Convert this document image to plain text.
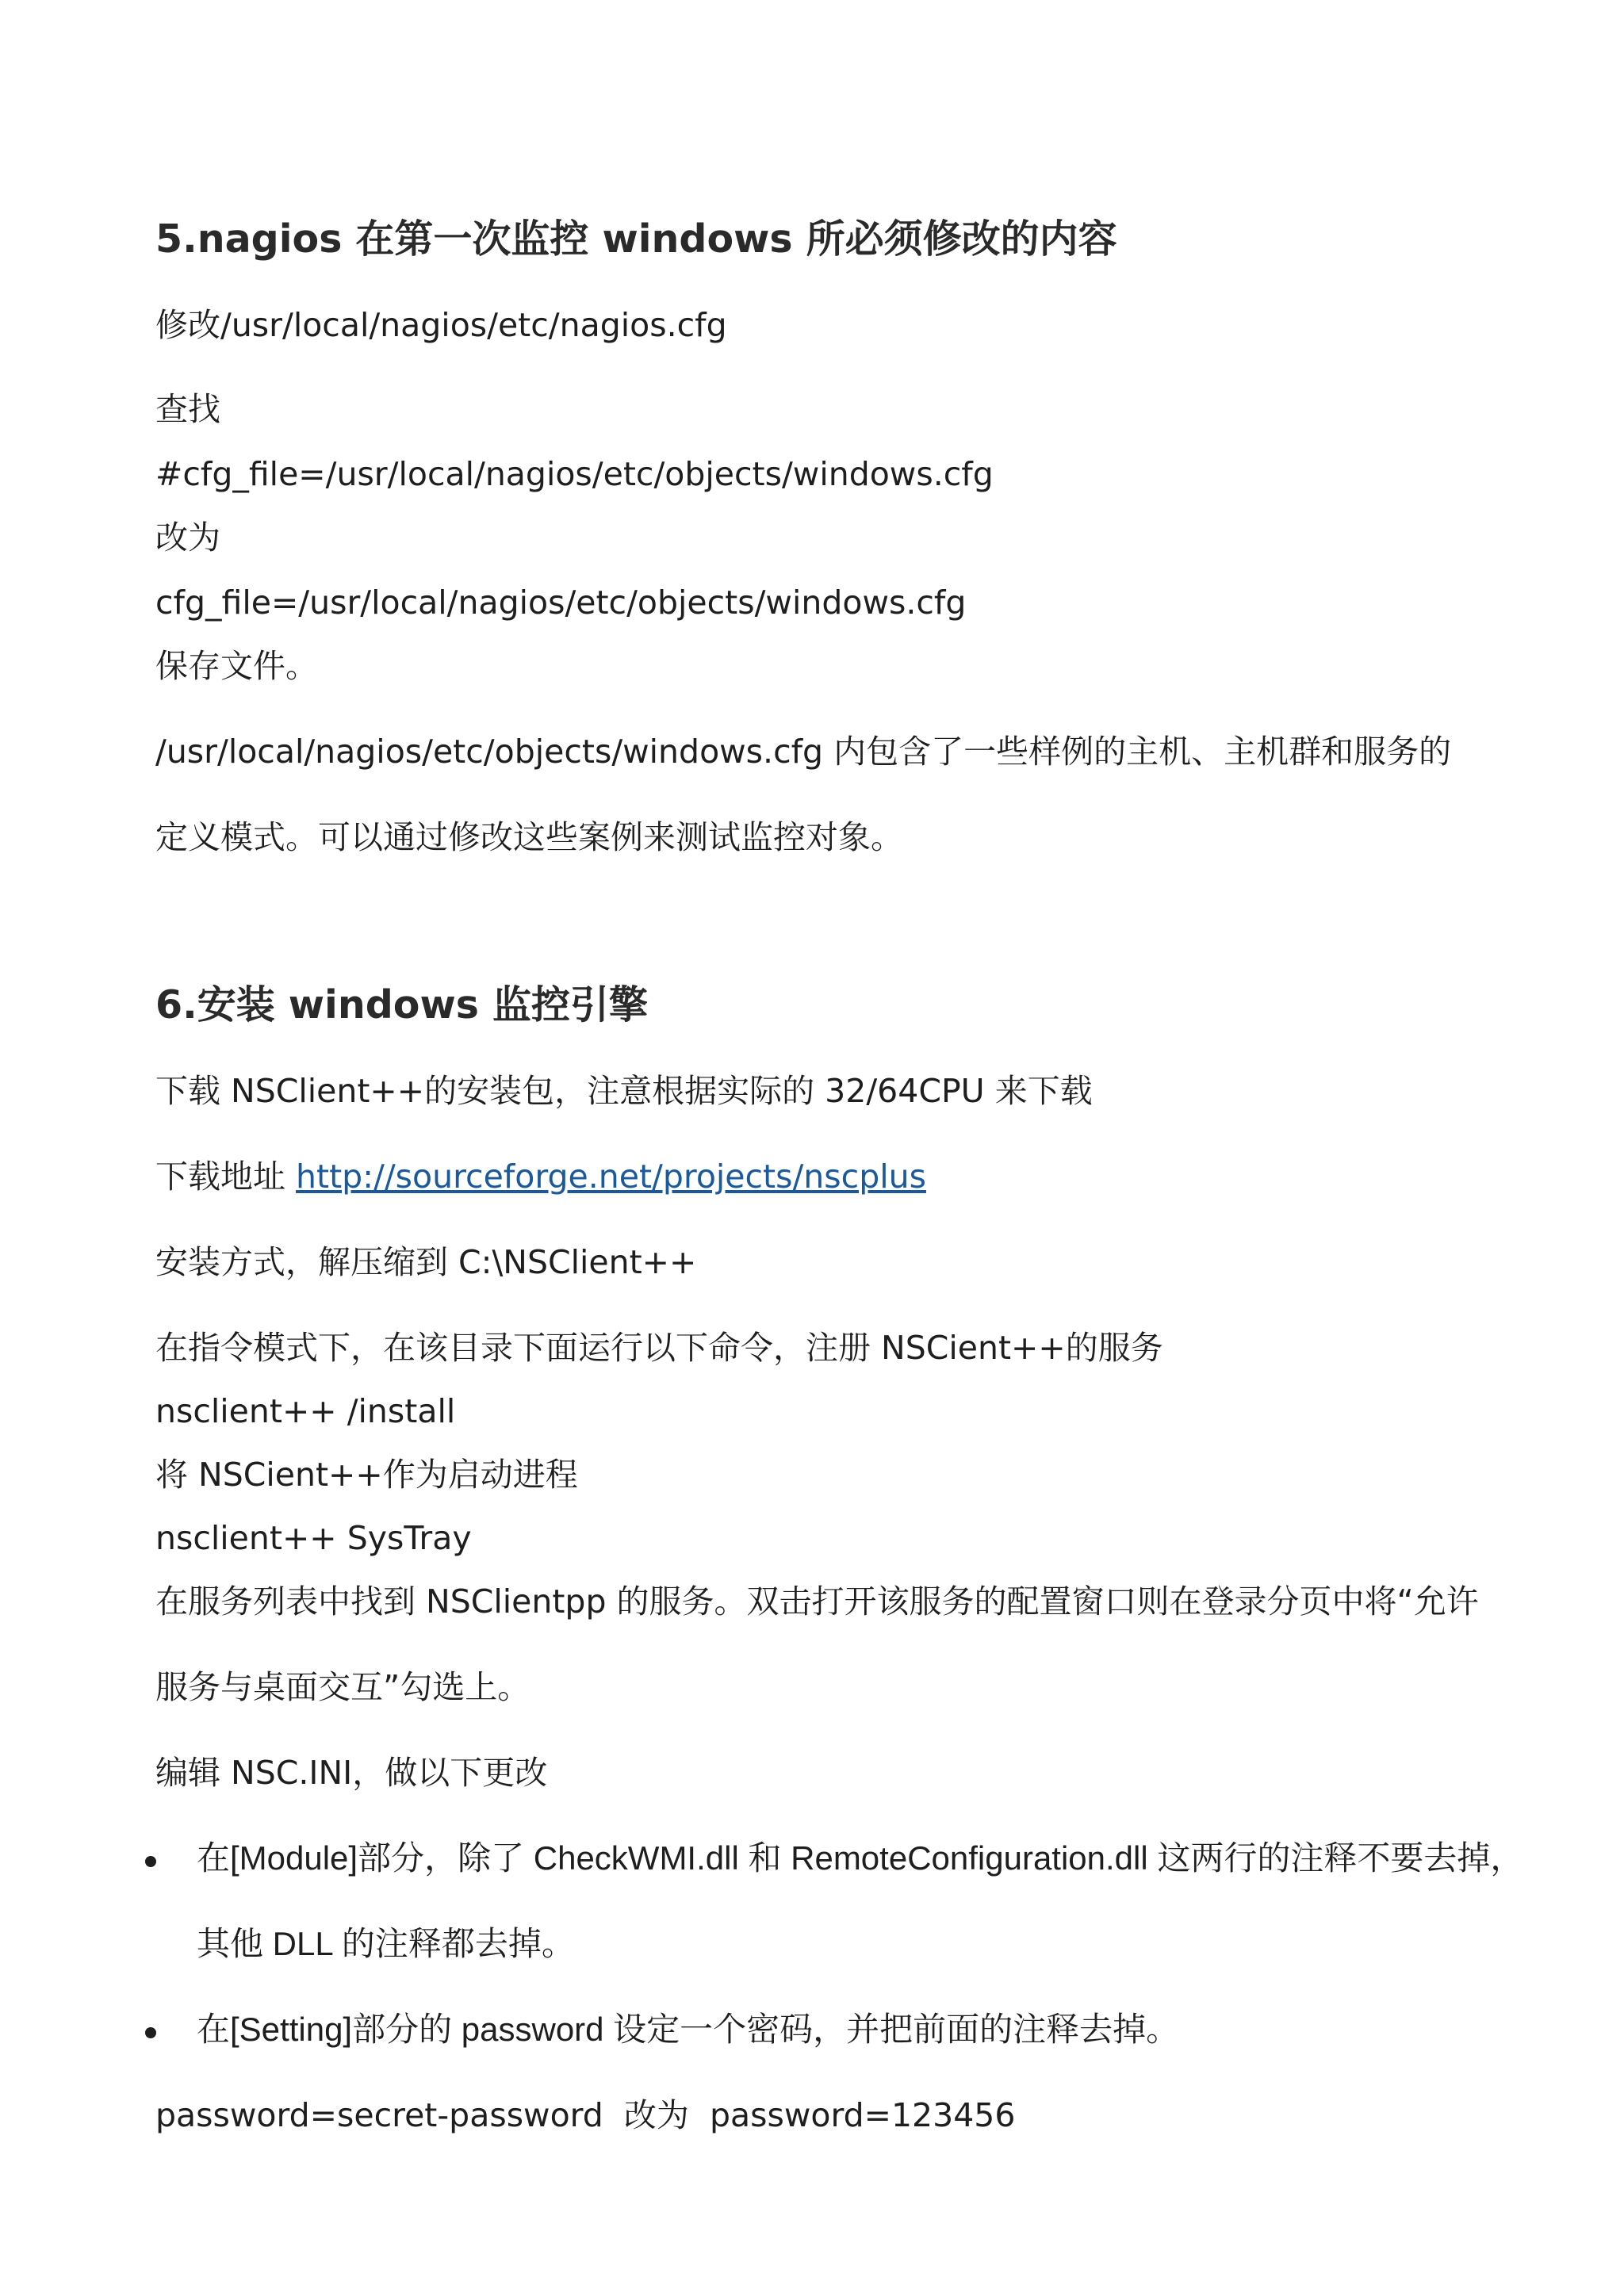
5.nagios 在第一次监控 windows 所必须修改的内容

修改/usr/local/nagios/etc/nagios.cfg

查找

#cfg_file=/usr/local/nagios/etc/objects/windows.cfg

改为

cfg_file=/usr/local/nagios/etc/objects/windows.cfg

保存文件。

/usr/local/nagios/etc/objects/windows.cfg 内包含了一些样例的主机、主机群和服务的

定义模式。可以通过修改这些案例来测试监控对象。

6.安装 windows 监控引擎

下载 NSClient++的安装包，注意根据实际的 32/64CPU 来下载

下载地址 http://sourceforge.net/projects/nscplus

安装方式，解压缩到 C:\NSClient++

在指令模式下，在该目录下面运行以下命令，注册 NSCient++的服务

nsclient++ /install

将 NSCient++作为启动进程

nsclient++ SysTray

在服务列表中找到 NSClientpp 的服务。双击打开该服务的配置窗口则在登录分页中将“允许

服务与桌面交互”勾选上。

编辑 NSC.INI，做以下更改

在[Module]部分，除了 CheckWMI.dll 和 RemoteConfiguration.dll 这两行的注释不要去掉，

其他 DLL 的注释都去掉。

在[Setting]部分的 password 设定一个密码，并把前面的注释去掉。

password=secret-password  改为  password=123456
